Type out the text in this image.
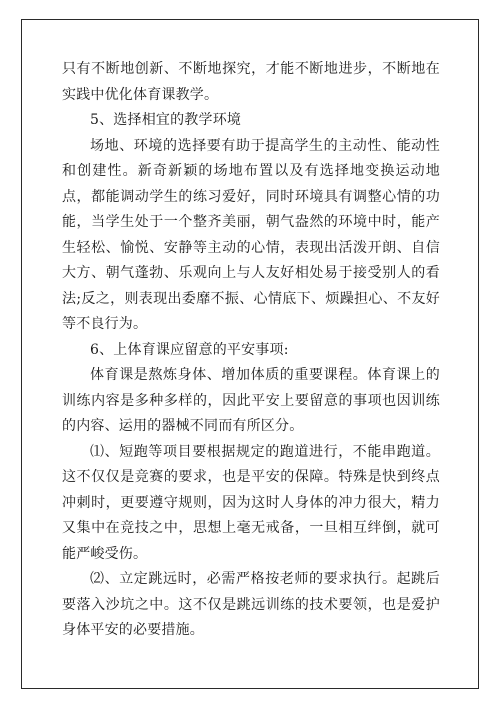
只有不断地创新、不断地探究，才能不断地进步，不断地在实践中优化体育课教学。

5、选择相宜的教学环境

场地、环境的选择要有助于提高学生的主动性、能动性和创建性。新奇新颖的场地布置以及有选择地变换运动地点，都能调动学生的练习爱好，同时环境具有调整心情的功能，当学生处于一个整齐美丽，朝气盎然的环境中时，能产生轻松、愉悦、安静等主动的心情，表现出活泼开朗、自信大方、朝气蓬勃、乐观向上与人友好相处易于接受别人的看法;反之，则表现出委靡不振、心情底下、烦躁担心、不友好等不良行为。

6、上体育课应留意的平安事项:

体育课是熬炼身体、增加体质的重要课程。体育课上的训练内容是多种多样的，因此平安上要留意的事项也因训练的内容、运用的器械不同而有所区分。

⑴、短跑等项目要根据规定的跑道进行，不能串跑道。这不仅仅是竞赛的要求，也是平安的保障。特殊是快到终点冲刺时，更要遵守规则，因为这时人身体的冲力很大，精力又集中在竞技之中，思想上毫无戒备，一旦相互绊倒，就可能严峻受伤。

⑵、立定跳远时，必需严格按老师的要求执行。起跳后要落入沙坑之中。这不仅是跳远训练的技术要领，也是爱护身体平安的必要措施。
